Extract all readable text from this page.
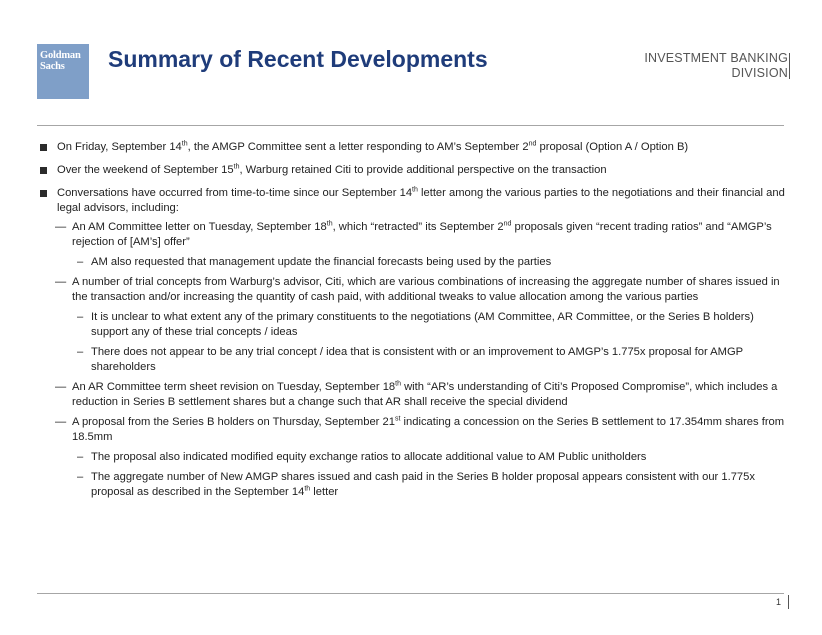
Goldman
Sachs	Summary of Recent Developments	INVESTMENT BANKING
DIVISION
On Friday, September 14th, the AMGP Committee sent a letter responding to AM’s September 2nd proposal (Option A / Option B)
Over the weekend of September 15th, Warburg retained Citi to provide additional perspective on the transaction
Conversations have occurred from time-to-time since our September 14th letter among the various parties to the negotiations and their financial and legal advisors, including:
— An AM Committee letter on Tuesday, September 18th, which “retracted” its September 2nd proposals given “recent trading ratios” and “AMGP’s rejection of [AM’s] offer”
– AM also requested that management update the financial forecasts being used by the parties
— A number of trial concepts from Warburg’s advisor, Citi, which are various combinations of increasing the aggregate number of shares issued in the transaction and/or increasing the quantity of cash paid, with additional tweaks to value allocation among the various parties
– It is unclear to what extent any of the primary constituents to the negotiations (AM Committee, AR Committee, or the Series B holders) support any of these trial concepts / ideas
– There does not appear to be any trial concept / idea that is consistent with or an improvement to AMGP’s 1.775x proposal for AMGP shareholders
— An AR Committee term sheet revision on Tuesday, September 18th with “AR’s understanding of Citi’s Proposed Compromise”, which includes a reduction in Series B settlement shares but a change such that AR shall receive the special dividend
— A proposal from the Series B holders on Thursday, September 21st indicating a concession on the Series B settlement to 17.354mm shares from 18.5mm
– The proposal also indicated modified equity exchange ratios to allocate additional value to AM Public unitholders
– The aggregate number of New AMGP shares issued and cash paid in the Series B holder proposal appears consistent with our 1.775x proposal as described in the September 14th letter
1
